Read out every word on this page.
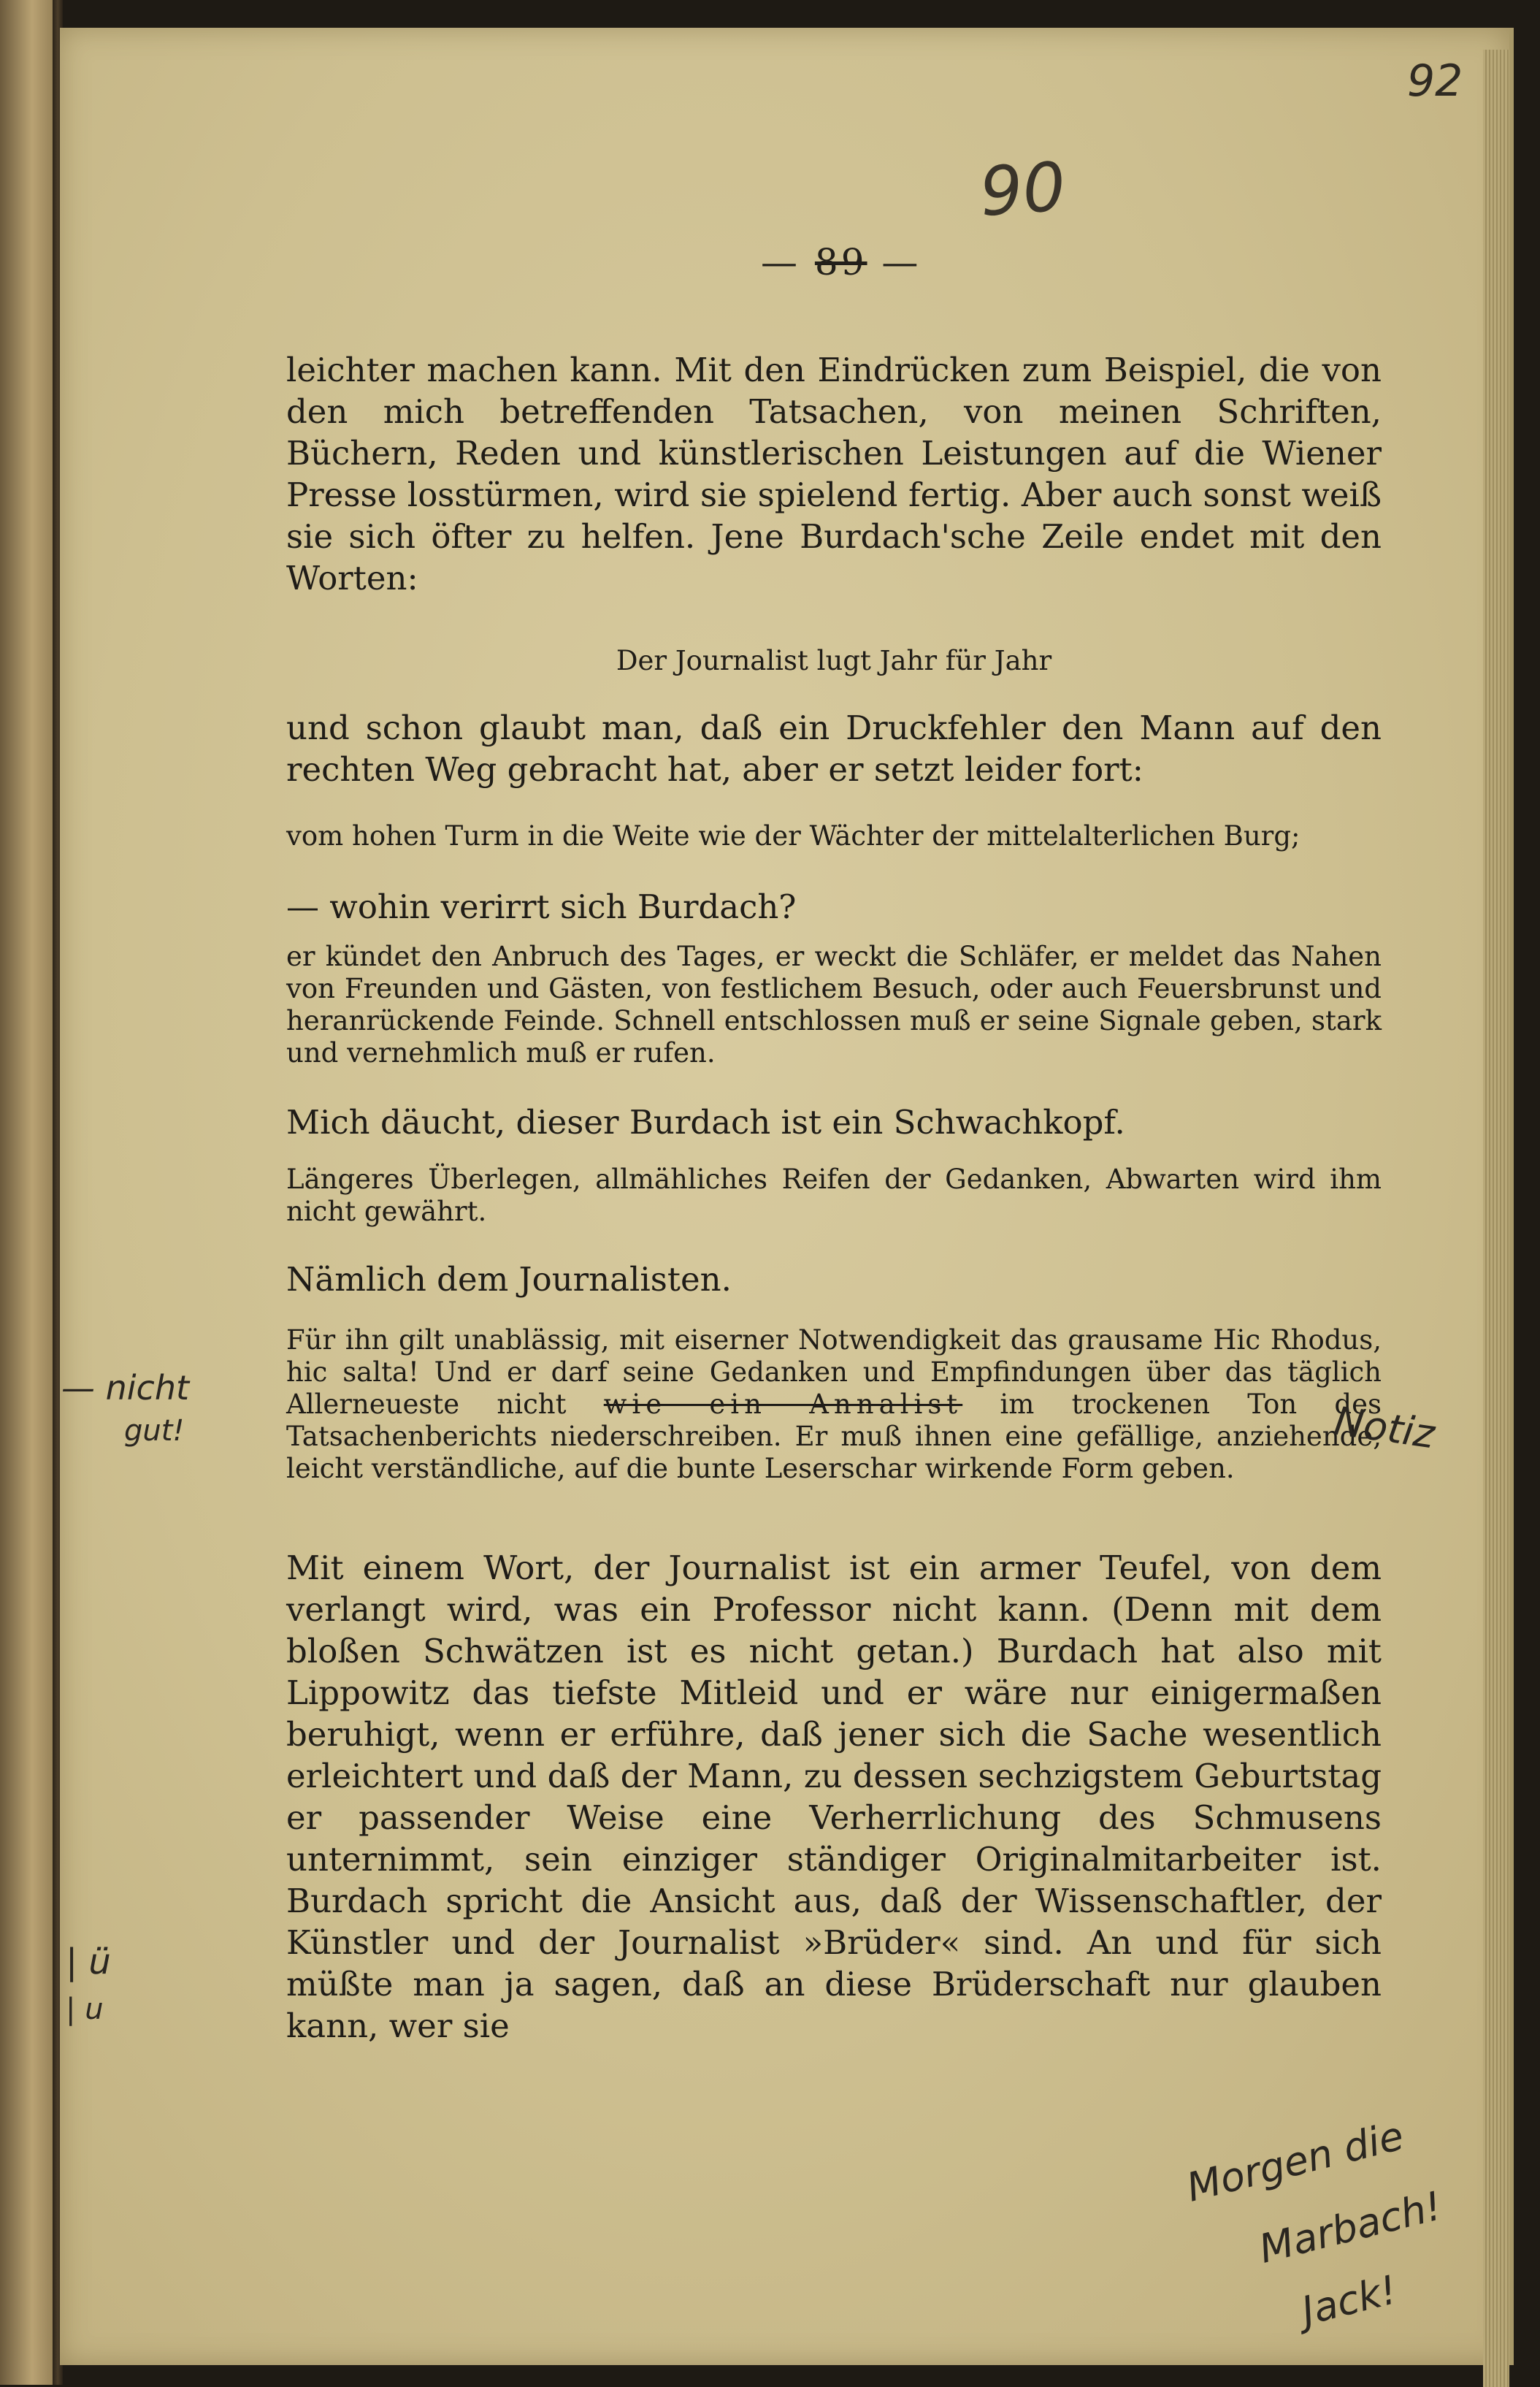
92
90
— 89 —
leichter machen kann. Mit den Eindrücken zum Beispiel, die von den mich betreffenden Tatsachen, von meinen Schriften, Büchern, Reden und künstlerischen Leistungen auf die Wiener Presse losstürmen, wird sie spielend fertig. Aber auch sonst weiß sie sich öfter zu helfen. Jene Burdach'sche Zeile endet mit den Worten:
Der Journalist lugt Jahr für Jahr
und schon glaubt man, daß ein Druckfehler den Mann auf den rechten Weg gebracht hat, aber er setzt leider fort:
vom hohen Turm in die Weite wie der Wächter der mittelalterlichen Burg;
— wohin verirrt sich Burdach?
er kündet den Anbruch des Tages, er weckt die Schläfer, er meldet das Nahen von Freunden und Gästen, von festlichem Besuch, oder auch Feuersbrunst und heranrückende Feinde. Schnell entschlossen muß er seine Signale geben, stark und vernehmlich muß er rufen.
Mich däucht, dieser Burdach ist ein Schwachkopf.
Längeres Überlegen, allmähliches Reifen der Gedanken, Abwarten wird ihm nicht gewährt.
Nämlich dem Journalisten.
Für ihn gilt unablässig, mit eiserner Notwendigkeit das grausame Hic Rhodus, hic salta! Und er darf seine Gedanken und Empfindungen über das täglich Allerneueste nicht wie ein Annalist im trockenen Ton des Tatsachenberichts niederschreiben. Er muß ihnen eine gefällige, anziehende, leicht verständliche, auf die bunte Leserschar wirkende Form geben.
Mit einem Wort, der Journalist ist ein armer Teufel, von dem verlangt wird, was ein Professor nicht kann. (Denn mit dem bloßen Schwätzen ist es nicht getan.) Burdach hat also mit Lippowitz das tiefste Mitleid und er wäre nur einigermaßen beruhigt, wenn er erführe, daß jener sich die Sache wesentlich erleichtert und daß der Mann, zu dessen sechzigstem Geburtstag er passender Weise eine Verherrlichung des Schmusens unternimmt, sein einziger ständiger Originalmitarbeiter ist. Burdach spricht die Ansicht aus, daß der Wissenschaftler, der Künstler und der Journalist »Brüder« sind. An und für sich müßte man ja sagen, daß an diese Brüderschaft nur glauben kann, wer sie
— nicht
gut!
| ü
| u
Notiz
Morgen die
Marbach!
Jack!
